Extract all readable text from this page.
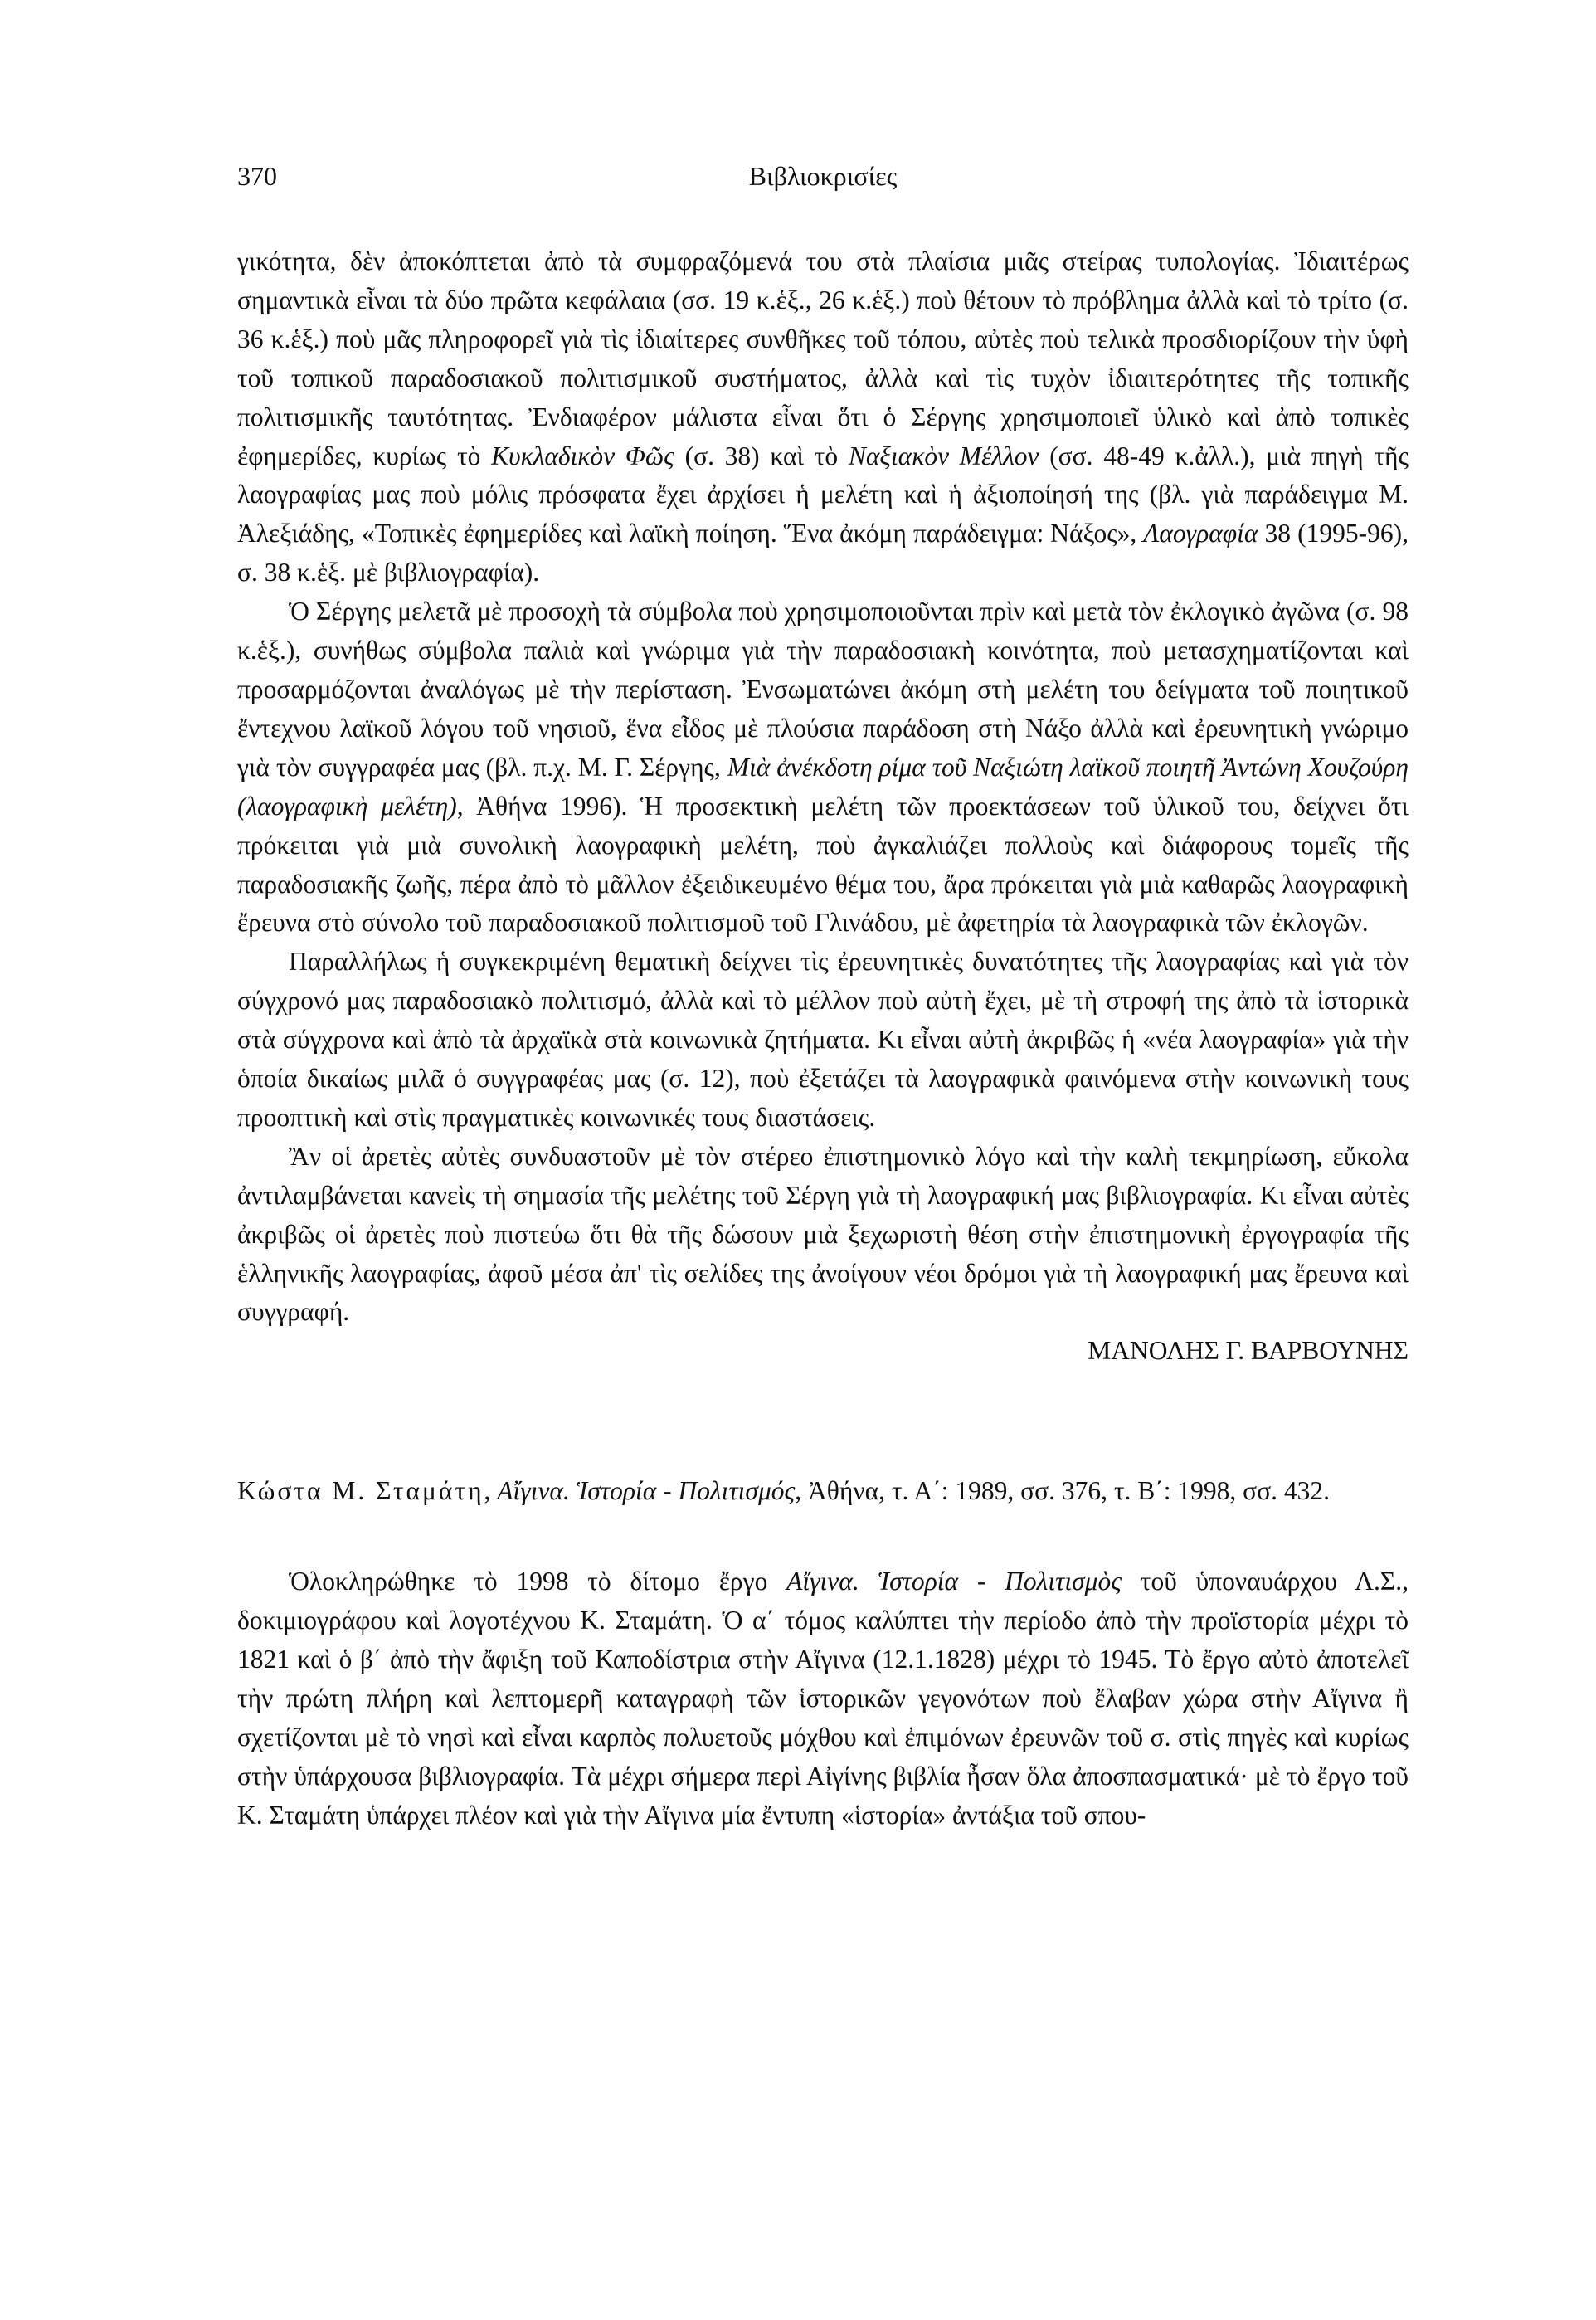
370	Βιβλιοκρισίες

γικότητα, δὲν ἀποκόπτεται ἀπὸ τὰ συμφραζόμενά του στὰ πλαίσια μιᾶς στείρας τυπολογίας. Ἰδιαιτέρως σημαντικὰ εἶναι τὰ δύο πρῶτα κεφάλαια (σσ. 19 κ.ἑξ., 26 κ.ἑξ.) ποὺ θέτουν τὸ πρόβλημα ἀλλὰ καὶ τὸ τρίτο (σ. 36 κ.ἑξ.) ποὺ μᾶς πληροφορεῖ γιὰ τὶς ἰδιαίτερες συνθῆκες τοῦ τόπου, αὐτὲς ποὺ τελικὰ προσδιορίζουν τὴν ὑφὴ τοῦ τοπικοῦ παραδοσιακοῦ πολιτισμικοῦ συστήματος, ἀλλὰ καὶ τὶς τυχὸν ἰδιαιτερότητες τῆς τοπικῆς πολιτισμικῆς ταυτότητας. Ἐνδιαφέρον μάλιστα εἶναι ὅτι ὁ Σέργης χρησιμοποιεῖ ὑλικὸ καὶ ἀπὸ τοπικὲς ἐφημερίδες, κυρίως τὸ Κυκλαδικὸν Φῶς (σ. 38) καὶ τὸ Ναξιακὸν Μέλλον (σσ. 48-49 κ.ἀλλ.), μιὰ πηγὴ τῆς λαογραφίας μας ποὺ μόλις πρόσφατα ἔχει ἀρχίσει ἡ μελέτη καὶ ἡ ἀξιοποίησή της (βλ. γιὰ παράδειγμα Μ. Ἀλεξιάδης, «Τοπικὲς ἐφημερίδες καὶ λαϊκὴ ποίηση. Ἕνα ἀκόμη παράδειγμα: Νάξος», Λαογραφία 38 (1995-96), σ. 38 κ.ἑξ. μὲ βιβλιογραφία).

Ὁ Σέργης μελετᾶ μὲ προσοχὴ τὰ σύμβολα ποὺ χρησιμοποιοῦνται πρὶν καὶ μετὰ τὸν ἐκλογικὸ ἀγῶνα (σ. 98 κ.ἑξ.), συνήθως σύμβολα παλιὰ καὶ γνώριμα γιὰ τὴν παραδοσιακὴ κοινότητα, ποὺ μετασχηματίζονται καὶ προσαρμόζονται ἀναλόγως μὲ τὴν περίσταση. Ἐνσωματώνει ἀκόμη στὴ μελέτη του δείγματα τοῦ ποιητικοῦ ἔντεχνου λαϊκοῦ λόγου τοῦ νησιοῦ, ἕνα εἶδος μὲ πλούσια παράδοση στὴ Νάξο ἀλλὰ καὶ ἐρευνητικὴ γνώριμο γιὰ τὸν συγγραφέα μας (βλ. π.χ. Μ. Γ. Σέργης, Μιὰ ἀνέκδοτη ρίμα τοῦ Ναξιώτη λαϊκοῦ ποιητῆ Ἀντώνη Χουζούρη (λαογραφικὴ μελέτη), Ἀθήνα 1996). Ἡ προσεκτικὴ μελέτη τῶν προεκτάσεων τοῦ ὑλικοῦ του, δείχνει ὅτι πρόκειται γιὰ μιὰ συνολικὴ λαογραφικὴ μελέτη, ποὺ ἀγκαλιάζει πολλοὺς καὶ διάφορους τομεῖς τῆς παραδοσιακῆς ζωῆς, πέρα ἀπὸ τὸ μᾶλλον ἐξειδικευμένο θέμα του, ἄρα πρόκειται γιὰ μιὰ καθαρῶς λαογραφικὴ ἔρευνα στὸ σύνολο τοῦ παραδοσιακοῦ πολιτισμοῦ τοῦ Γλινάδου, μὲ ἀφετηρία τὰ λαογραφικὰ τῶν ἐκλογῶν.

Παραλλήλως ἡ συγκεκριμένη θεματικὴ δείχνει τὶς ἐρευνητικὲς δυνατότητες τῆς λαογραφίας καὶ γιὰ τὸν σύγχρονό μας παραδοσιακὸ πολιτισμό, ἀλλὰ καὶ τὸ μέλλον ποὺ αὐτὴ ἔχει, μὲ τὴ στροφή της ἀπὸ τὰ ἱστορικὰ στὰ σύγχρονα καὶ ἀπὸ τὰ ἀρχαϊκὰ στὰ κοινωνικὰ ζητήματα. Κι εἶναι αὐτὴ ἀκριβῶς ἡ «νέα λαογραφία» γιὰ τὴν ὁποία δικαίως μιλᾶ ὁ συγγραφέας μας (σ. 12), ποὺ ἐξετάζει τὰ λαογραφικὰ φαινόμενα στὴν κοινωνικὴ τους προοπτικὴ καὶ στὶς πραγματικὲς κοινωνικές τους διαστάσεις.

Ἂν οἱ ἀρετὲς αὐτὲς συνδυαστοῦν μὲ τὸν στέρεο ἐπιστημονικὸ λόγο καὶ τὴν καλὴ τεκμηρίωση, εὔκολα ἀντιλαμβάνεται κανεὶς τὴ σημασία τῆς μελέτης τοῦ Σέργη γιὰ τὴ λαογραφική μας βιβλιογραφία. Κι εἶναι αὐτὲς ἀκριβῶς οἱ ἀρετὲς ποὺ πιστεύω ὅτι θὰ τῆς δώσουν μιὰ ξεχωριστὴ θέση στὴν ἐπιστημονικὴ ἐργογραφία τῆς ἑλληνικῆς λαογραφίας, ἀφοῦ μέσα ἀπ' τὶς σελίδες της ἀνοίγουν νέοι δρόμοι γιὰ τὴ λαογραφική μας ἔρευνα καὶ συγγραφή.

ΜΑΝΟΛΗΣ Γ. ΒΑΡΒΟΥΝΗΣ

Κώστα Μ. Σταμάτη, Αἴγινα. Ἱστορία - Πολιτισμός, Ἀθήνα, τ. Α΄: 1989, σσ. 376, τ. Β΄: 1998, σσ. 432.

Ὁλοκληρώθηκε τὸ 1998 τὸ δίτομο ἔργο Αἴγινα. Ἱστορία - Πολιτισμὸς τοῦ ὑποναυάρχου Λ.Σ., δοκιμιογράφου καὶ λογοτέχνου Κ. Σταμάτη. Ὁ α΄ τόμος καλύπτει τὴν περίοδο ἀπὸ τὴν προϊστορία μέχρι τὸ 1821 καὶ ὁ β΄ ἀπὸ τὴν ἄφιξη τοῦ Καποδίστρια στὴν Αἴγινα (12.1.1828) μέχρι τὸ 1945. Τὸ ἔργο αὐτὸ ἀποτελεῖ τὴν πρώτη πλήρη καὶ λεπτομερῆ καταγραφὴ τῶν ἱστορικῶν γεγονότων ποὺ ἔλαβαν χώρα στὴν Αἴγινα ἢ σχετίζονται μὲ τὸ νησὶ καὶ εἶναι καρπὸς πολυετοῦς μόχθου καὶ ἐπιμόνων ἐρευνῶν τοῦ σ. στὶς πηγὲς καὶ κυρίως στὴν ὑπάρχουσα βιβλιογραφία. Τὰ μέχρι σήμερα περὶ Αἰγίνης βιβλία ἦσαν ὅλα ἀποσπασματικά· μὲ τὸ ἔργο τοῦ Κ. Σταμάτη ὑπάρχει πλέον καὶ γιὰ τὴν Αἴγινα μία ἔντυπη «ἱστορία» ἀντάξια τοῦ σπου-
